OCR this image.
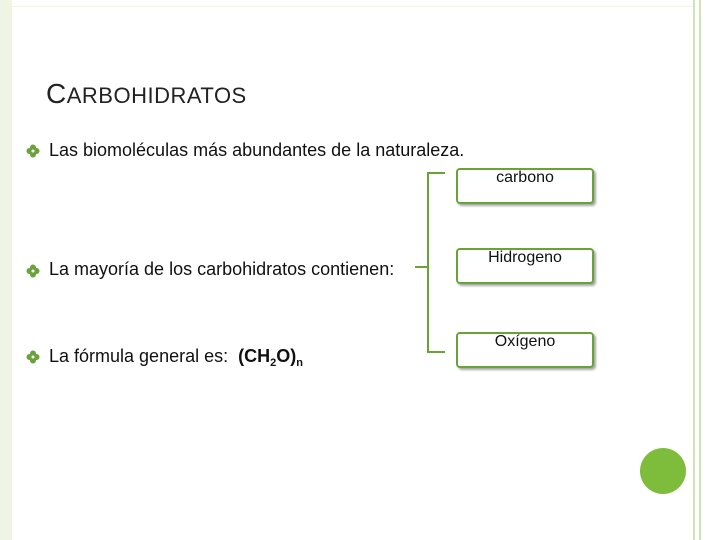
CARBOHIDRATOS
Las biomoléculas más abundantes de la naturaleza.
La mayoría de los carbohidratos contienen:
La fórmula general es:  $(CH_2O)_n$
carbono
Hidrogeno
Oxígeno
